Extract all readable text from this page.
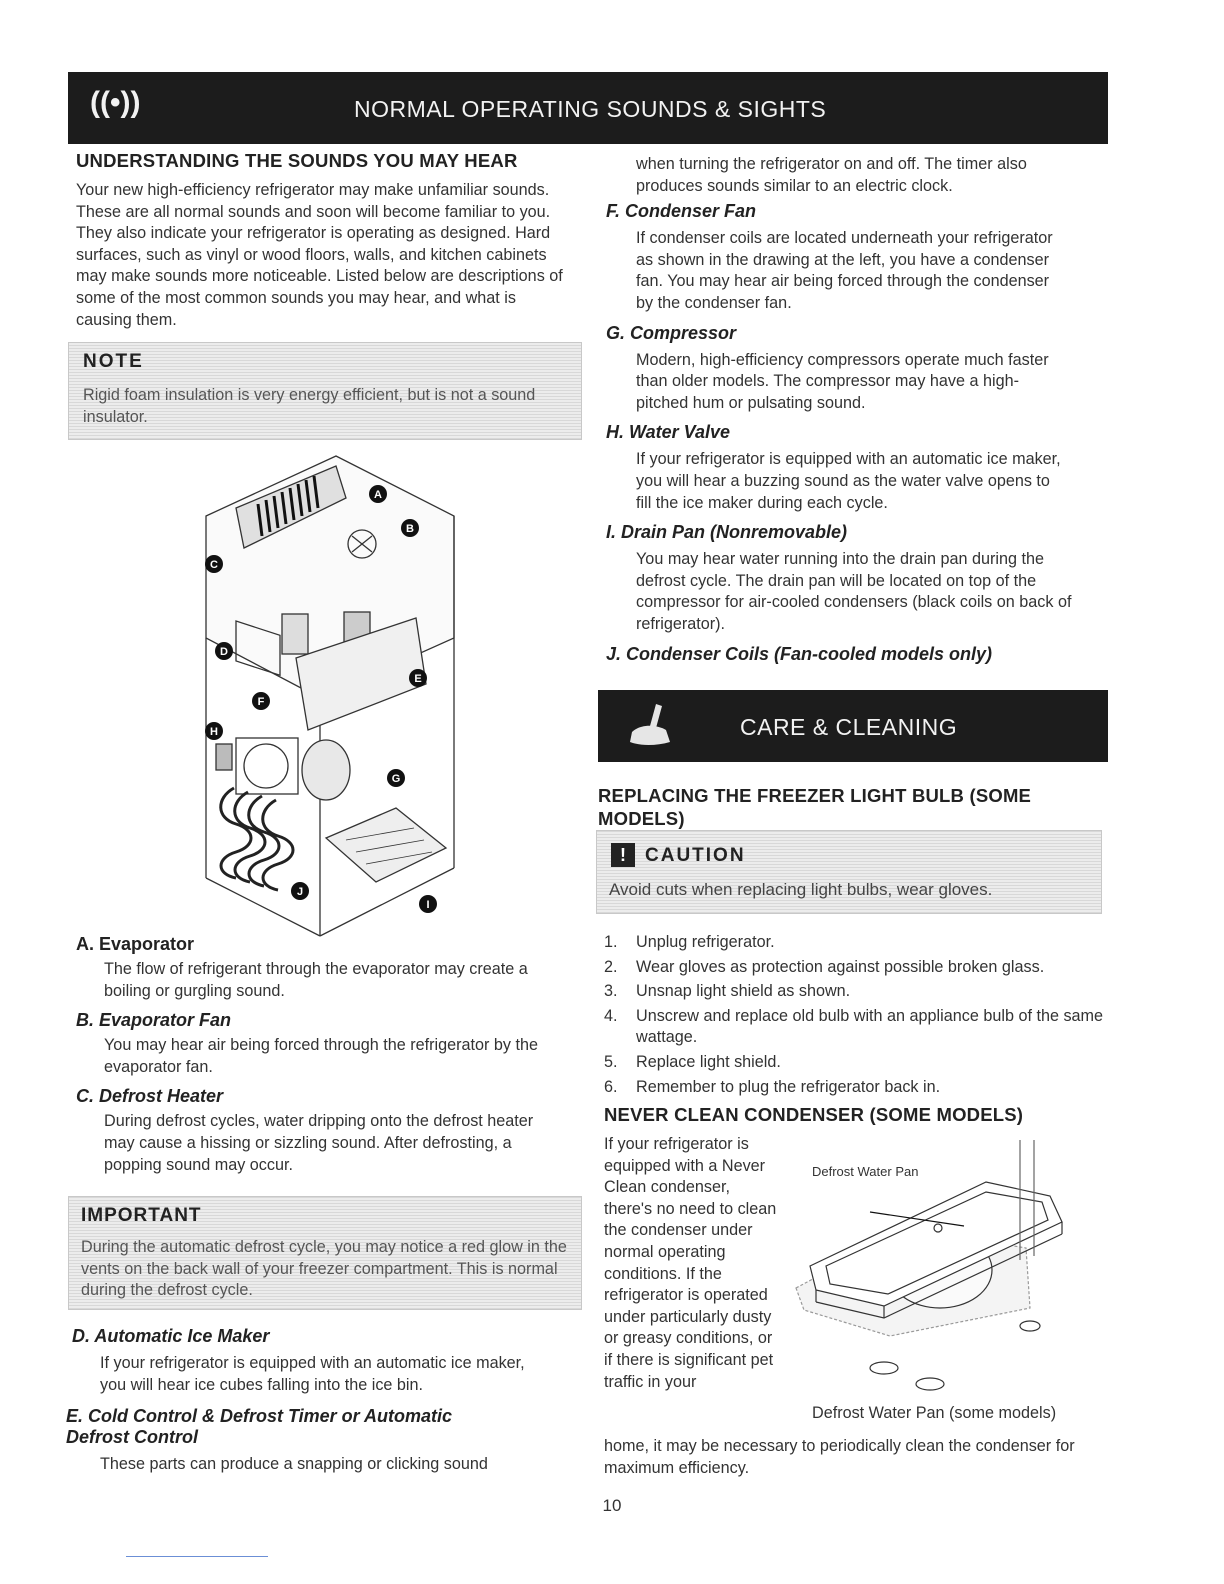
((•))	NORMAL OPERATING SOUNDS & SIGHTS
UNDERSTANDING THE SOUNDS YOU MAY HEAR

Your new high-efficiency refrigerator may make unfamiliar sounds. These are all normal sounds and soon will become familiar to you. They also indicate your refrigerator is operating as designed. Hard surfaces, such as vinyl or wood floors, walls, and kitchen cabinets may make sounds more noticeable. Listed below are descriptions of some of the most common sounds you may hear, and what is causing them.

NOTE
Rigid foam insulation is very energy efficient, but is not a sound insulator.
A
B
C
D
E
F
H
G
J
I

A. Evaporator

The flow of refrigerant through the evaporator may create a boiling or gurgling sound.

B. Evaporator Fan

You may hear air being forced through the refrigerator by the evaporator fan.

C. Defrost Heater

During defrost cycles, water dripping onto the defrost heater may cause a hissing or sizzling sound. After defrosting, a popping sound may occur.

IMPORTANT
During the automatic defrost cycle, you may notice a red glow in the vents on the back wall of your freezer compartment. This is normal during the defrost cycle.

D. Automatic Ice Maker

If your refrigerator is equipped with an automatic ice maker, you will hear ice cubes falling into the ice bin.

E. Cold Control & Defrost Timer or Automatic Defrost Control

These parts can produce a snapping or clicking sound

when turning the refrigerator on and off. The timer also produces sounds similar to an electric clock.

F. Condenser Fan

If condenser coils are located underneath your refrigerator as shown in the drawing at the left, you have a condenser fan. You may hear air being forced through the condenser by the condenser fan.

G. Compressor

Modern, high-efficiency compressors operate much faster than older models. The compressor may have a high-pitched hum or pulsating sound.

H. Water Valve

If your refrigerator is equipped with an automatic ice maker, you will hear a buzzing sound as the water valve opens to fill the ice maker during each cycle.

I. Drain Pan (Nonremovable)

You may hear water running into the drain pan during the defrost cycle. The drain pan will be located on top of the compressor for air-cooled condensers (black coils on back of refrigerator).

J. Condenser Coils (Fan-cooled models only)

CARE & CLEANING
REPLACING THE FREEZER LIGHT BULB (SOME MODELS)
!	CAUTION
Avoid cuts when replacing light bulbs, wear gloves.
1. Unplug refrigerator.
2. Wear gloves as protection against possible broken glass.
3. Unsnap light shield as shown.
4. Unscrew and replace old bulb with an appliance bulb of the same wattage.
5. Replace light shield.
6. Remember to plug the refrigerator back in.
NEVER CLEAN CONDENSER (SOME MODELS)

If your refrigerator is equipped with a Never Clean condenser, there's no need to clean the condenser under normal operating conditions. If the refrigerator is operated under particularly dusty or greasy conditions, or if there is significant pet traffic in your

home, it may be necessary to periodically clean the condenser for maximum efficiency.

Defrost Water Pan

Defrost Water Pan (some models)

10
